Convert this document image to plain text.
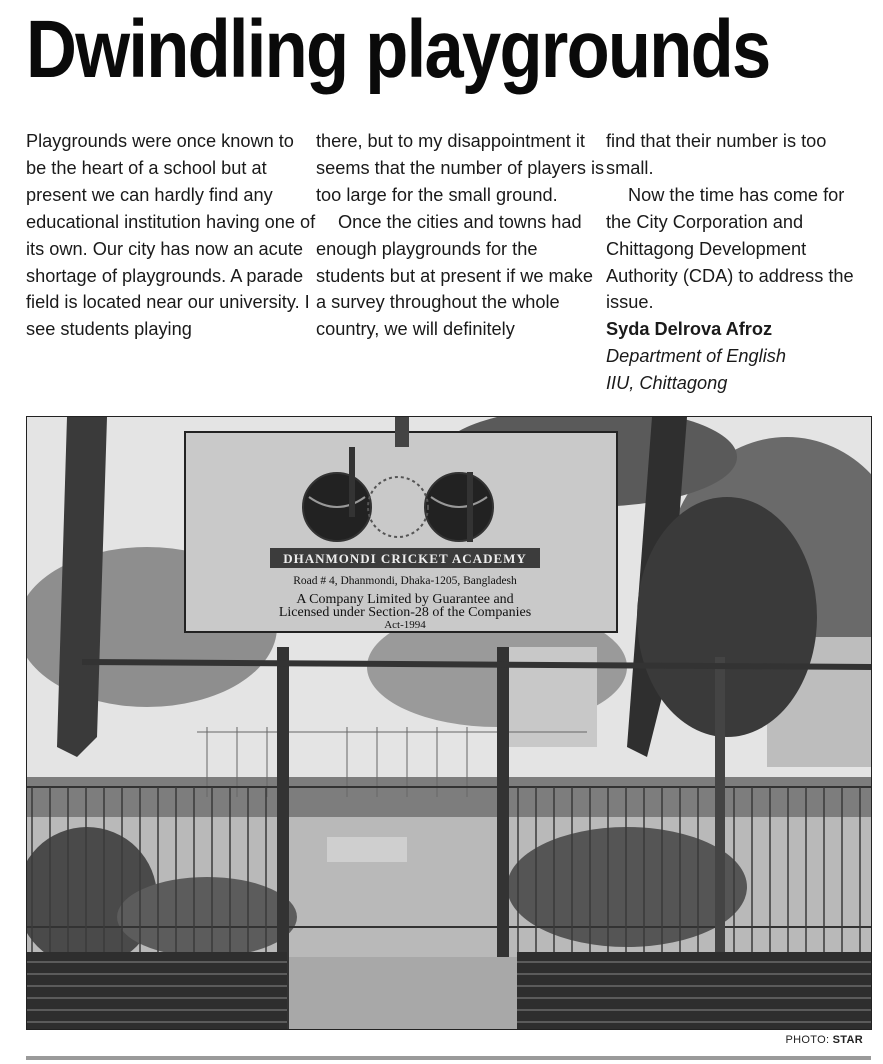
Dwindling playgrounds

Playgrounds were once known to be the heart of a school but at present we can hardly find any educational institution having one of its own. Our city has now an acute shortage of playgrounds. A parade field is located near our university. I see students playing

there, but to my disappointment it seems that the number of players is too large for the small ground.

Once the cities and towns had enough playgrounds for the students but at present if we make a survey throughout the whole country, we will definitely

find that their number is too small.

Now the time has come for the City Corporation and Chittagong Development Authority (CDA) to address the issue.

Syda Delrova Afroz
Department of English
IIU, Chittagong
DHANMONDI CRICKET ACADEMY
Road # 4, Dhanmondi, Dhaka-1205, Bangladesh
A Company Limited by Guarantee and
Licensed under Section-28 of the Companies
Act-1994
PHOTO: STAR
